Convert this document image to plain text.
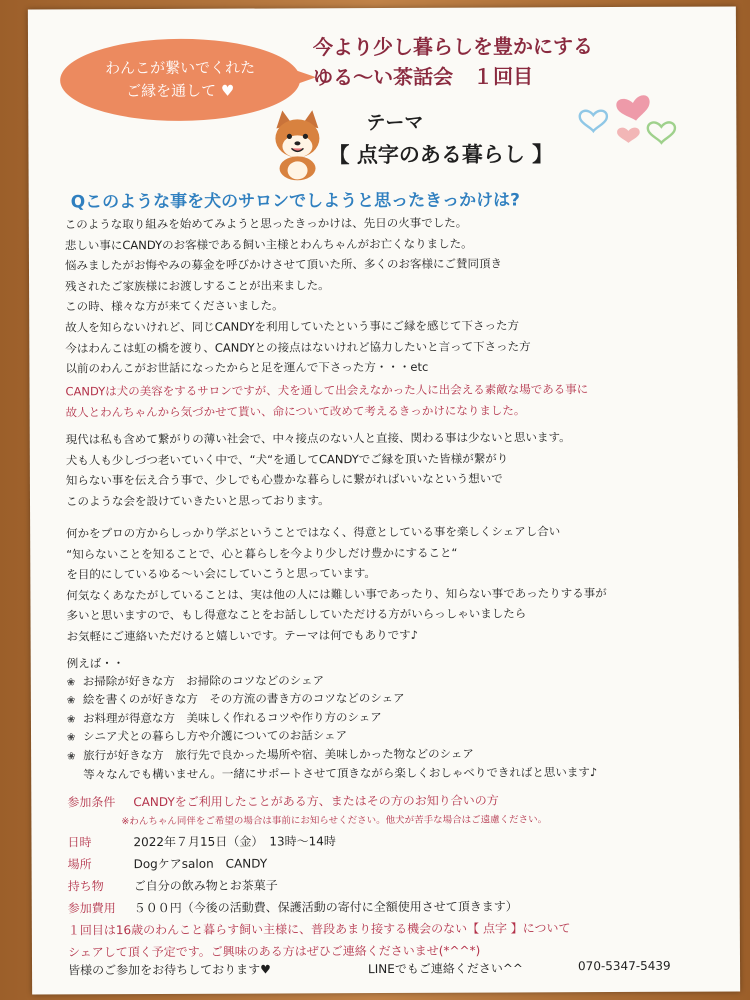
わんこが繋いでくれた
ご縁を通して ♥
今より少し暮らしを豊かにする
ゆる～い茶話会　１回目
テーマ
【 点字のある暮らし 】
Qこのような事を犬のサロンでしようと思ったきっかけは?
このような取り組みを始めてみようと思ったきっかけは、先日の火事でした。
悲しい事にCANDYのお客様である飼い主様とわんちゃんがお亡くなりました。
悩みましたがお悔やみの募金を呼びかけさせて頂いた所、多くのお客様にご賛同頂き
残されたご家族様にお渡しすることが出来ました。
この時、様々な方が来てくださいました。
故人を知らないけれど、同じCANDYを利用していたという事にご縁を感じて下さった方
今はわんこは虹の橋を渡り、CANDYとの接点はないけれど協力したいと言って下さった方
以前のわんこがお世話になったからと足を運んで下さった方・・・etc
CANDYは犬の美容をするサロンですが、犬を通して出会えなかった人に出会える素敵な場である事に
故人とわんちゃんから気づかせて貰い、命について改めて考えるきっかけになりました。
現代は私も含めて繋がりの薄い社会で、中々接点のない人と直接、関わる事は少ないと思います。
犬も人も少しづつ老いていく中で、“犬“を通してCANDYでご縁を頂いた皆様が繋がり
知らない事を伝え合う事で、少しでも心豊かな暮らしに繋がればいいなという想いで
このような会を設けていきたいと思っております。
何かをプロの方からしっかり学ぶということではなく、得意としている事を楽しくシェアし合い
“知らないことを知ることで、心と暮らしを今より少しだけ豊かにすること“
を目的にしているゆる～い会にしていこうと思っています。
何気なくあなたがしていることは、実は他の人には難しい事であったり、知らない事であったりする事が
多いと思いますので、もし得意なことをお話ししていただける方がいらっしゃいましたら
お気軽にご連絡いただけると嬉しいです。テーマは何でもありです♪
例えば・・
❀ お掃除が好きな方　お掃除のコツなどのシェア
❀ 絵を書くのが好きな方　その方流の書き方のコツなどのシェア
❀ お料理が得意な方　美味しく作れるコツや作り方のシェア
❀ シニア犬との暮らし方や介護についてのお話シェア
❀ 旅行が好きな方　旅行先で良かった場所や宿、美味しかった物などのシェア
等々なんでも構いません。一緒にサポートさせて頂きながら楽しくおしゃべりできればと思います♪
参加条件 CANDYをご利用したことがある方、またはその方のお知り合いの方
※わんちゃん同伴をご希望の場合は事前にお知らせください。他犬が苦手な場合はご遠慮ください。
日時	2022年７月15日（金）　13時～14時
場所	Dogケアsalon　CANDY
持ち物 ご自分の飲み物とお茶菓子
参加費用 ５００円（今後の活動費、保護活動の寄付に全額使用させて頂きます）
１回目は16歳のわんこと暮らす飼い主様に、普段あまり接する機会のない【 点字 】について
シェアして頂く予定です。ご興味のある方はぜひご連絡くださいませ(*^^*)
皆様のご参加をお待ちしております♥	LINEでもご連絡ください^^	070-5347-5439
